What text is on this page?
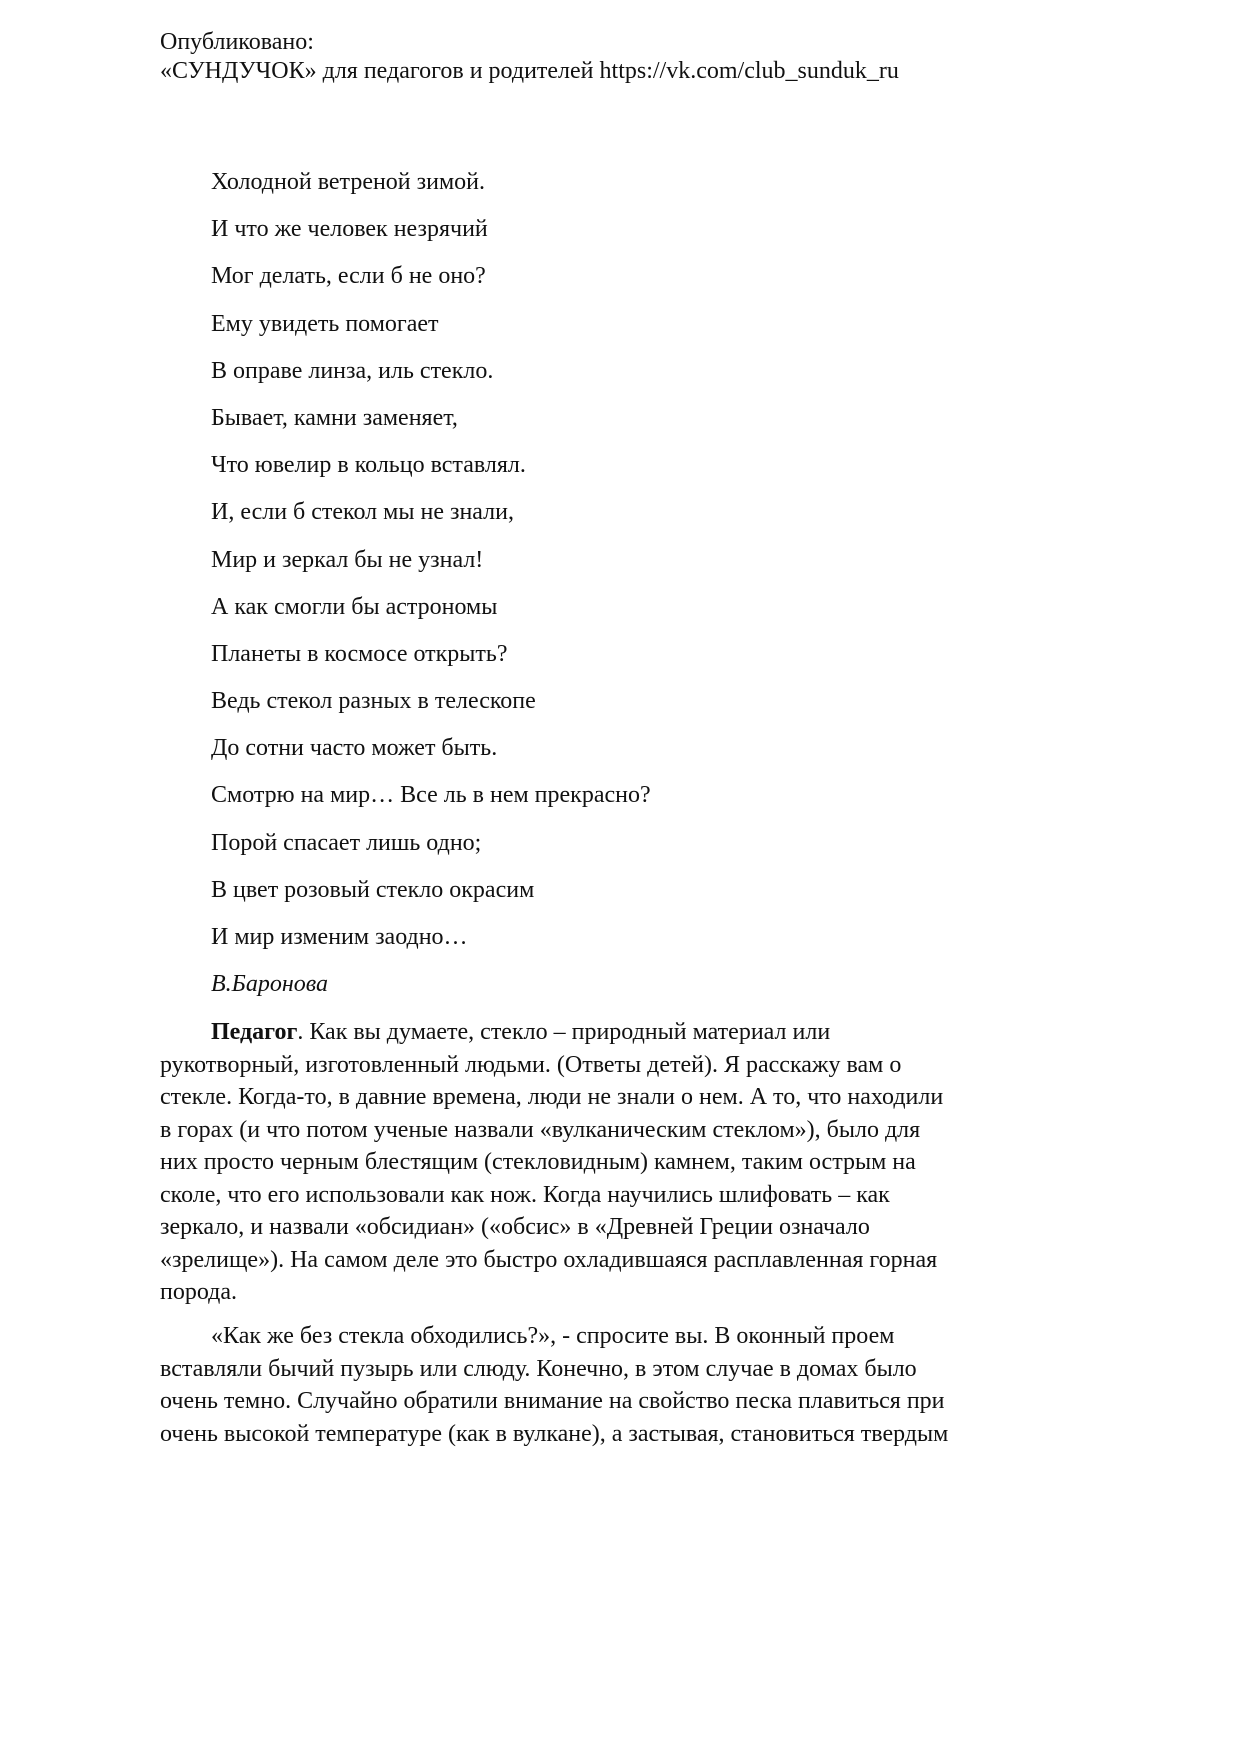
Опубликовано:
«СУНДУЧОК» для педагогов и родителей https://vk.com/club_sunduk_ru
Холодной ветреной зимой.
И что же человек незрячий
Мог делать, если б не оно?
Ему увидеть помогает
В оправе линза, иль стекло.
Бывает, камни заменяет,
Что ювелир в кольцо вставлял.
И, если б стекол мы не знали,
Мир и зеркал бы не узнал!
А как смогли бы астрономы
Планеты в космосе открыть?
Ведь стекол разных в телескопе
До сотни часто может быть.
Смотрю на мир… Все ль в нем прекрасно?
Порой спасает лишь одно;
В цвет розовый стекло окрасим
И мир изменим заодно…
В.Баронова
Педагог. Как вы думаете, стекло – природный материал или
рукотворный, изготовленный людьми. (Ответы детей). Я расскажу вам о
стекле. Когда-то, в давние времена, люди не знали о нем. А то, что находили
в горах (и что потом ученые назвали «вулканическим стеклом»), было для
них просто черным блестящим (стекловидным) камнем, таким острым на
сколе, что его использовали как нож. Когда научились шлифовать – как
зеркало, и назвали «обсидиан» («обсис» в «Древней Греции означало
«зрелище»). На самом деле это быстро охладившаяся расплавленная горная
порода.
«Как же без стекла обходились?», - спросите вы. В оконный проем
вставляли бычий пузырь или слюду. Конечно, в этом случае в домах было
очень темно. Случайно обратили внимание на свойство песка плавиться при
очень высокой температуре (как в вулкане), а застывая, становиться твердым
